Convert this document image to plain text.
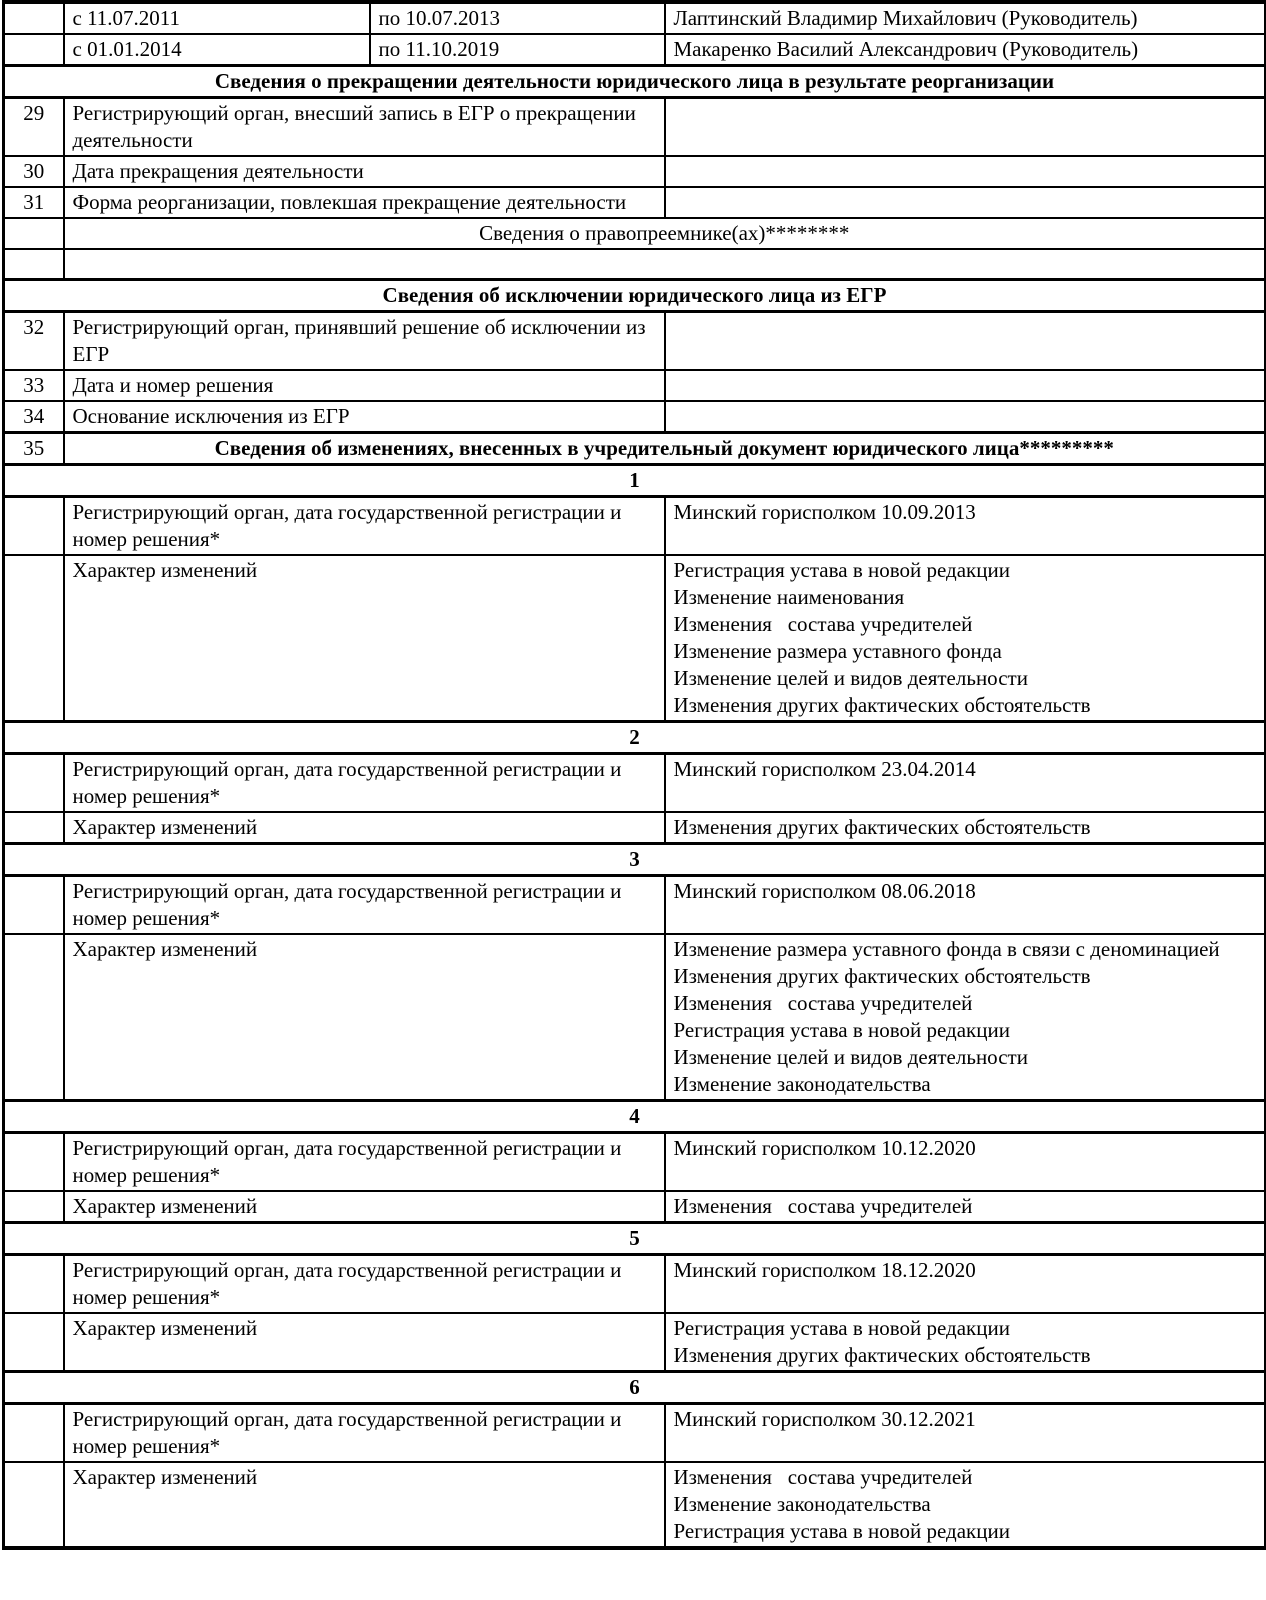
	с 11.07.2011	по 10.07.2013	Лаптинский Владимир Михайлович (Руководитель)
	с 01.01.2014	по 11.10.2019	Макаренко Василий Александрович (Руководитель)
Сведения о прекращении деятельности юридического лица в результате реорганизации			
29	Регистрирующий орган, внесший запись в ЕГР о прекращении деятельности		
30	Дата прекращения деятельности		
31	Форма реорганизации, повлекшая прекращение деятельности		
	Сведения о правопреемнике(ах)********		

Сведения об исключении юридического лица из ЕГР			
32	Регистрирующий орган, принявший решение об исключении из ЕГР		
33	Дата и номер решения		
34	Основание исключения из ЕГР		
35	Сведения об изменениях, внесенных в учредительный документ юридического лица*********		
1			
	Регистрирующий орган, дата государственной регистрации и номер решения*		Минский горисполком 10.09.2013
	Характер изменений	Регистрация устава в новой редакции
Изменение наименования
Изменения   состава учредителей
Изменение размера уставного фонда
Изменение целей и видов деятельности
Изменения других фактических обстоятельств

2			
	Регистрирующий орган, дата государственной регистрации и номер решения*		Минский горисполком 23.04.2014
	Характер изменений		Изменения других фактических обстоятельств

3			
	Регистрирующий орган, дата государственной регистрации и номер решения*		Минский горисполком 08.06.2018
	Характер изменений	Изменение размера уставного фонда в связи с деноминацией
Изменения других фактических обстоятельств
Изменения   состава учредителей
Регистрация устава в новой редакции
Изменение целей и видов деятельности
Изменение законодательства

4			
	Регистрирующий орган, дата государственной регистрации и номер решения*		Минский горисполком 10.12.2020
	Характер изменений		Изменения   состава учредителей

5			
	Регистрирующий орган, дата государственной регистрации и номер решения*		Минский горисполком 18.12.2020
	Характер изменений		Регистрация устава в новой редакции
Изменения других фактических обстоятельств

6			
	Регистрирующий орган, дата государственной регистрации и номер решения*		Минский горисполком 30.12.2021
	Характер изменений		Изменения   состава учредителей
Изменение законодательства
Регистрация устава в новой редакции
